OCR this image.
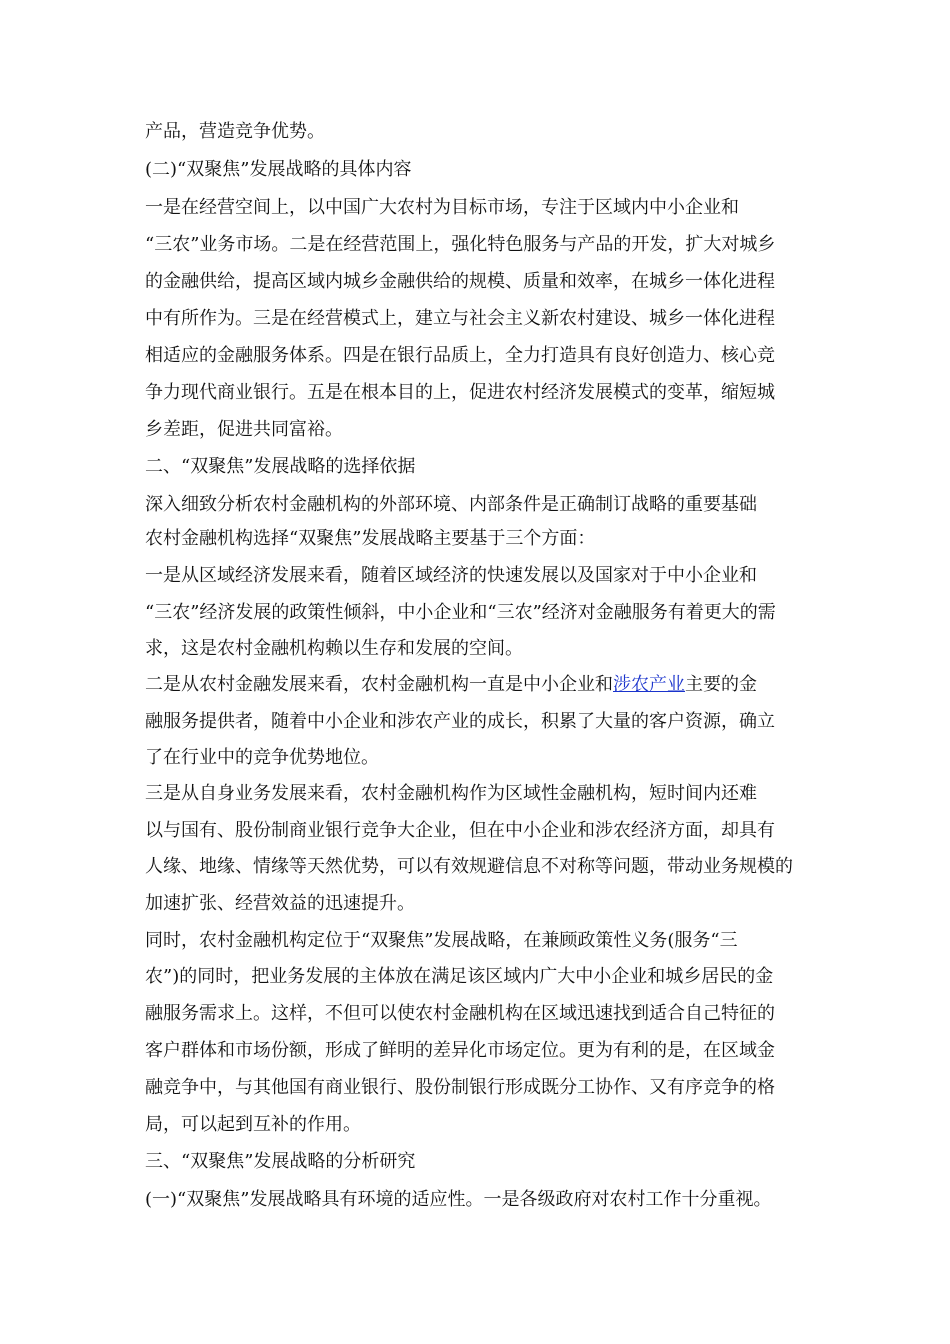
产品，营造竞争优势。
(二)“双聚焦”发展战略的具体内容
一是在经营空间上，以中国广大农村为目标市场，专注于区域内中小企业和
“三农”业务市场。二是在经营范围上，强化特色服务与产品的开发，扩大对城乡
的金融供给，提高区域内城乡金融供给的规模、质量和效率，在城乡一体化进程
中有所作为。三是在经营模式上，建立与社会主义新农村建设、城乡一体化进程
相适应的金融服务体系。四是在银行品质上，全力打造具有良好创造力、核心竞
争力现代商业银行。五是在根本目的上，促进农村经济发展模式的变革，缩短城
乡差距，促进共同富裕。
二、“双聚焦”发展战略的选择依据
深入细致分析农村金融机构的外部环境、内部条件是正确制订战略的重要基础
农村金融机构选择“双聚焦”发展战略主要基于三个方面：
一是从区域经济发展来看，随着区域经济的快速发展以及国家对于中小企业和
“三农”经济发展的政策性倾斜，中小企业和“三农”经济对金融服务有着更大的需
求，这是农村金融机构赖以生存和发展的空间。
二是从农村金融发展来看，农村金融机构一直是中小企业和涉农产业主要的金
融服务提供者，随着中小企业和涉农产业的成长，积累了大量的客户资源，确立
了在行业中的竞争优势地位。
三是从自身业务发展来看，农村金融机构作为区域性金融机构，短时间内还难
以与国有、股份制商业银行竞争大企业，但在中小企业和涉农经济方面，却具有
人缘、地缘、情缘等天然优势，可以有效规避信息不对称等问题，带动业务规模的
加速扩张、经营效益的迅速提升。
同时，农村金融机构定位于“双聚焦”发展战略，在兼顾政策性义务(服务“三
农”)的同时，把业务发展的主体放在满足该区域内广大中小企业和城乡居民的金
融服务需求上。这样，不但可以使农村金融机构在区域迅速找到适合自己特征的
客户群体和市场份额，形成了鲜明的差异化市场定位。更为有利的是，在区域金
融竞争中，与其他国有商业银行、股份制银行形成既分工协作、又有序竞争的格
局，可以起到互补的作用。
三、“双聚焦”发展战略的分析研究
(一)“双聚焦”发展战略具有环境的适应性。一是各级政府对农村工作十分重视。
